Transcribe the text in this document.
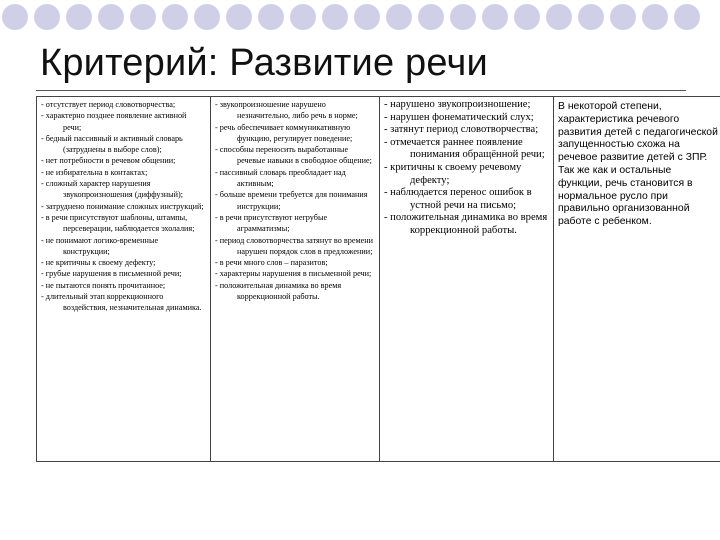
Критерий: Развитие речи
- отсутствует период словотворчества;
- характерно позднее появление активной речи;
- бедный пассивный и активный словарь (затруднены в выборе слов);
- нет потребности в речевом общении;
- не избирательна в контактах;
- сложный характер нарушения звукопроизношения (диффузный);
- затруднено понимание сложных инструкций;
- в речи присутствуют шаблоны, штампы, персеверации, наблюдается эхолалия;
- не понимают логико-временные конструкции;
- не критичны к своему дефекту;
- грубые нарушения в письменной речи;
- не пытаются понять прочитанное;
- длительный этап коррекционного воздействия, незначительная динамика.

- звукопроизношение нарушено незначительно, либо речь в норме;
- речь обеспечивает коммуникативную функцию, регулирует поведение;
- способны переносить выработанные речевые навыки в свободное общение;
- пассивный словарь преобладает над активным;
- больше времени требуется для понимания инструкции;
- в речи присутствуют негрубые аграмматизмы;
- период словотворчества затянут во времени нарушен порядок слов в предложении;
- в речи много слов – паразитов;
- характерны нарушения в письменной речи;
- положительная динамика во время коррекционной работы.

- нарушено звукопроизношение;
- нарушен фонематический слух;
- затянут период словотворчества;
- отмечается раннее появление понимания обращённой речи;
- критичны к своему речевому дефекту;
- наблюдается перенос ошибок в устной речи на письмо;
- положительная динамика во время коррекционной работы.

В некоторой степени, характеристика речевого развития детей с педагогической запущенностью схожа на речевое развитие детей с ЗПР. Так же как и остальные функции, речь становится в нормальное русло при правильно организованной работе с ребенком.
